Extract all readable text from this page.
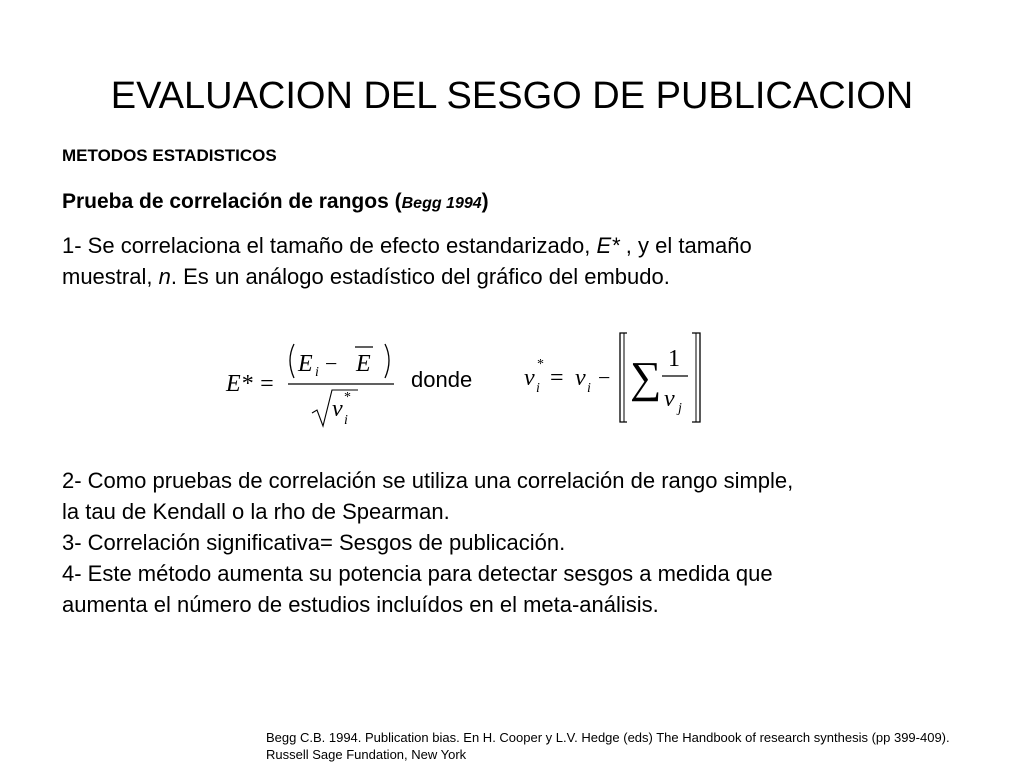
EVALUACION DEL SESGO DE PUBLICACION
METODOS ESTADISTICOS
Prueba de correlación de rangos (Begg 1994)
1- Se correlaciona el tamaño de efecto estandarizado, E* , y el tamaño
muestral, n. Es un análogo estadístico del gráfico del embudo.
E* =
E i − E
v *
i
donde v
*
i = v i − ∑ 1
v j
2- Como pruebas de correlación se utiliza una correlación de rango simple,
la tau de Kendall o la rho de Spearman.
3- Correlación significativa= Sesgos de publicación.
4- Este método aumenta su potencia para detectar sesgos a medida que
aumenta el número de estudios incluídos en el meta-análisis.
Begg C.B. 1994. Publication bias. En H. Cooper y L.V. Hedge (eds) The Handbook of research synthesis (pp 399-409).
Russell Sage Fundation, New York
